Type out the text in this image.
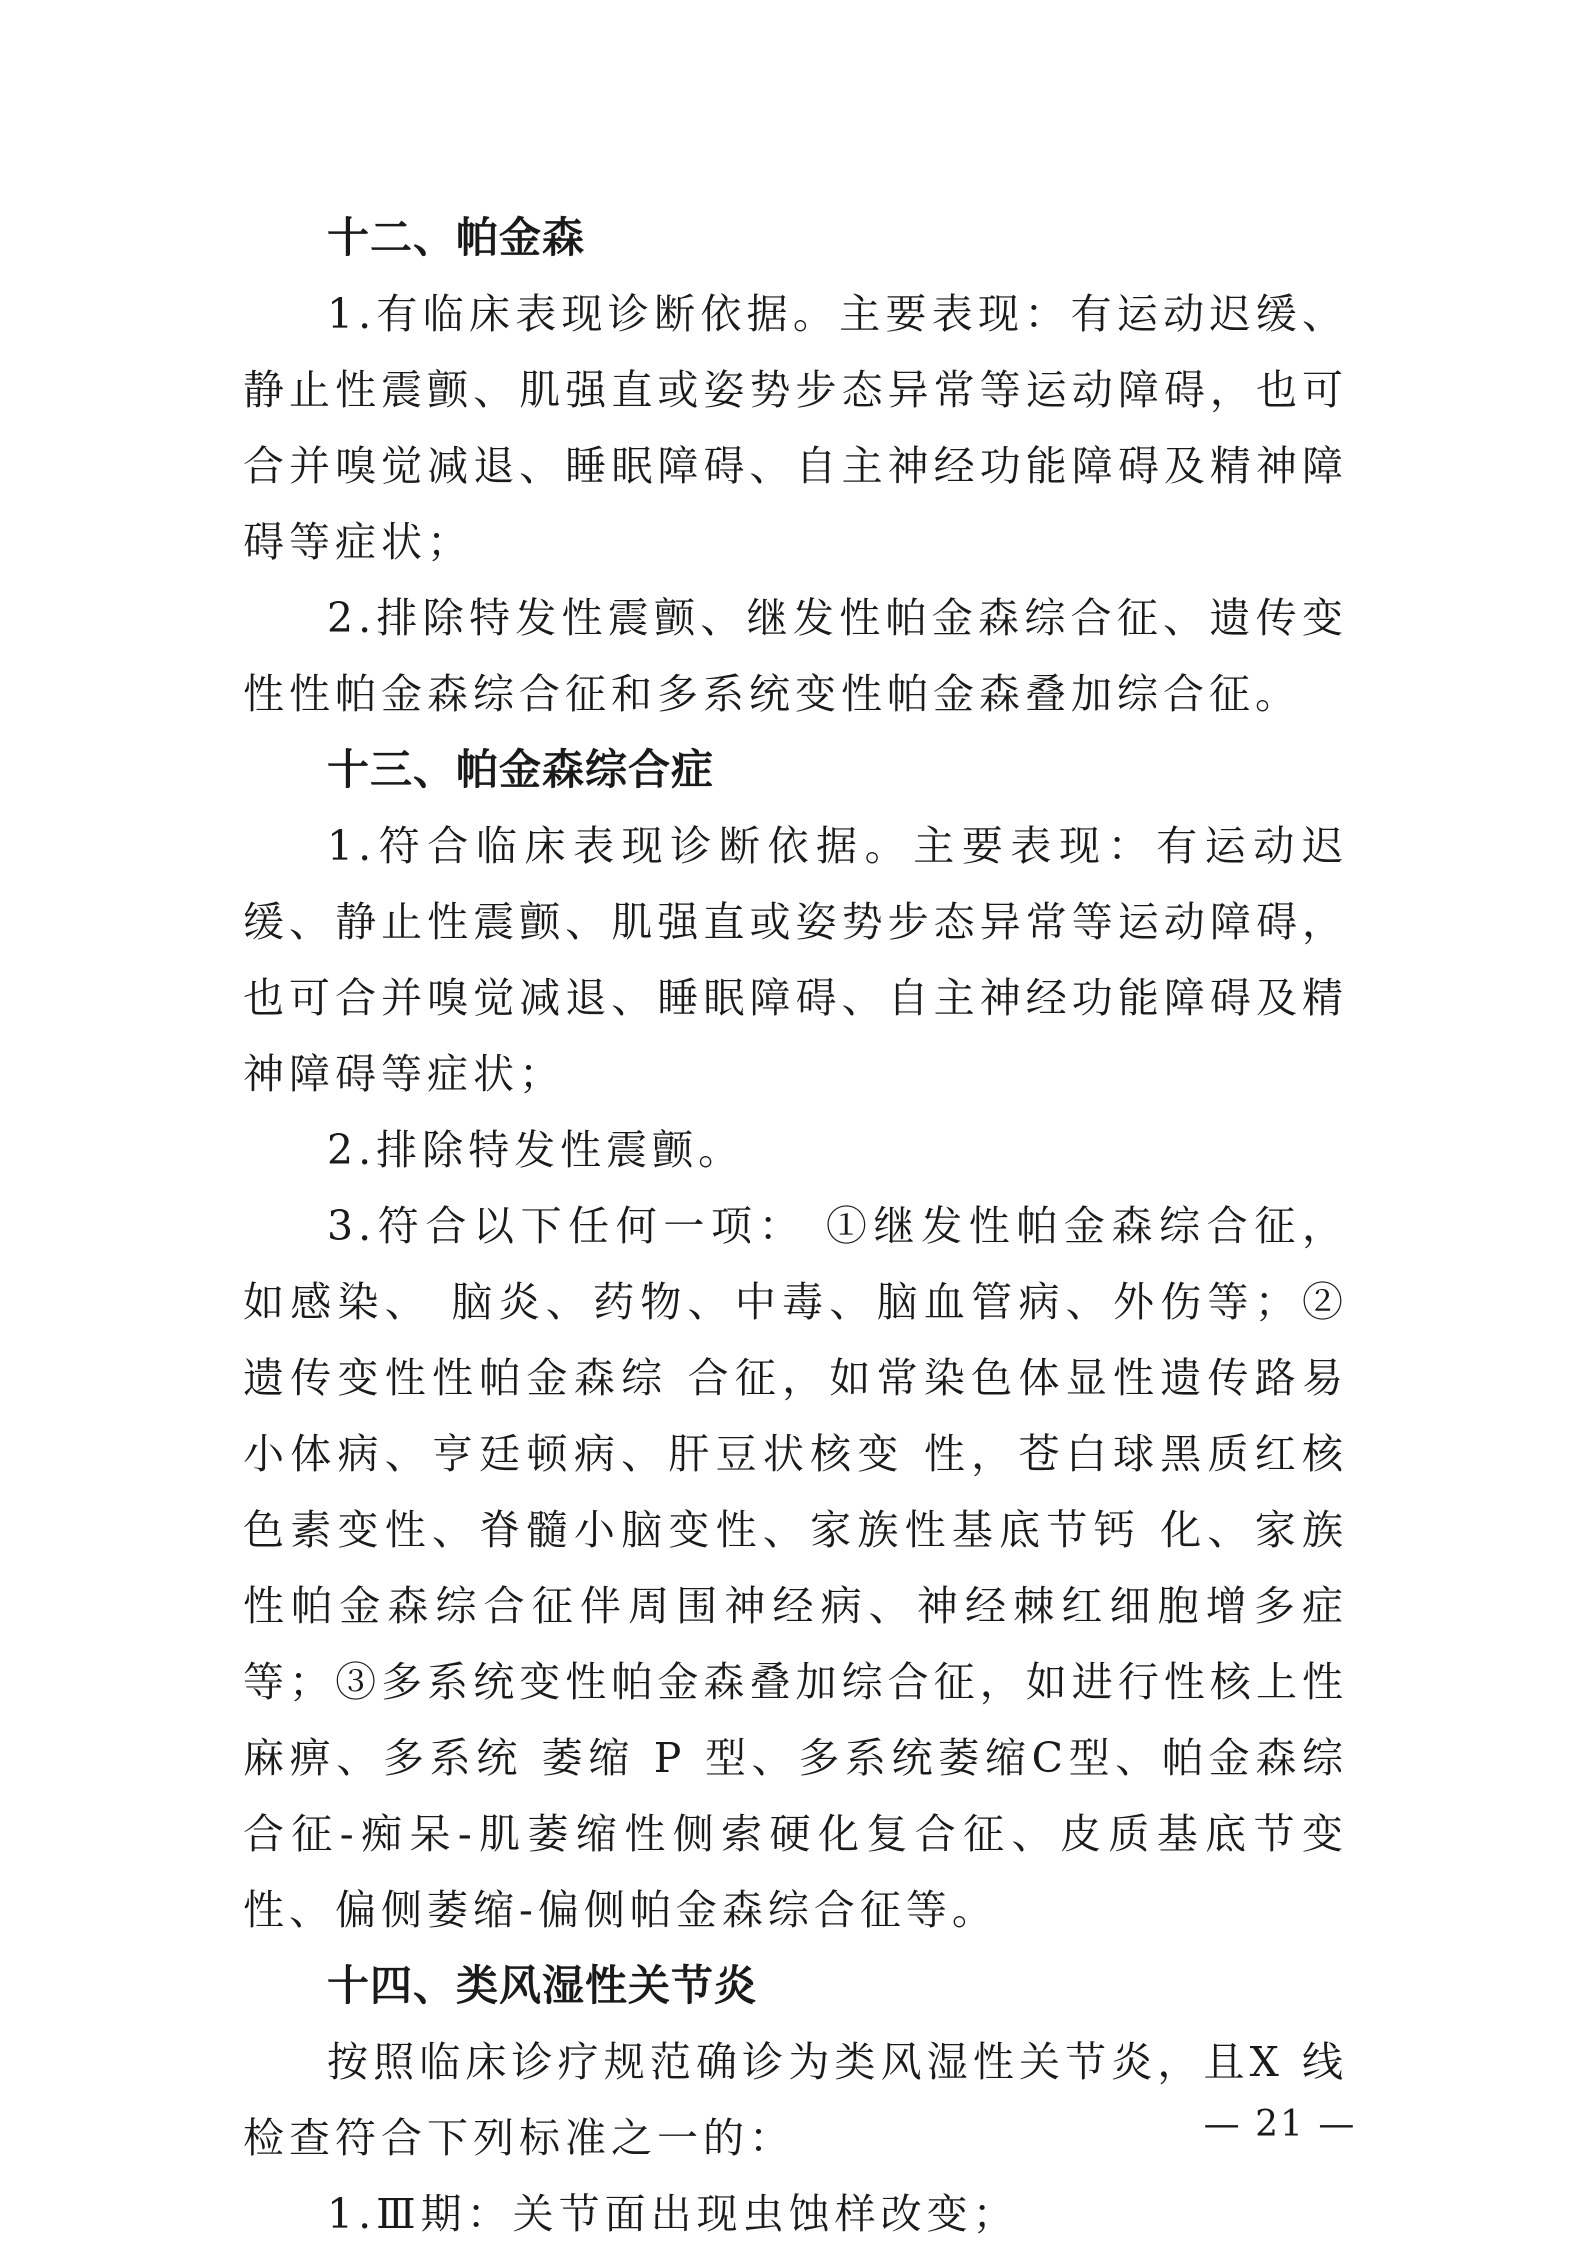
十二、帕金森

1.有临床表现诊断依据。主要表现：有运动迟缓、静止性震颤、肌强直或姿势步态异常等运动障碍，也可合并嗅觉减退、睡眠障碍、自主神经功能障碍及精神障碍等症状；

2.排除特发性震颤、继发性帕金森综合征、遗传变性性帕金森综合征和多系统变性帕金森叠加综合征。

十三、帕金森综合症

1.符合临床表现诊断依据。主要表现：有运动迟缓、静止性震颤、肌强直或姿势步态异常等运动障碍，也可合并嗅觉减退、睡眠障碍、自主神经功能障碍及精神障碍等症状；

2.排除特发性震颤。

3.符合以下任何一项： ①继发性帕金森综合征，如感染、 脑炎、药物、中毒、脑血管病、外伤等；②遗传变性性帕金森综 合征，如常染色体显性遗传路易小体病、亨廷顿病、肝豆状核变 性，苍白球黑质红核色素变性、脊髓小脑变性、家族性基底节钙 化、家族性帕金森综合征伴周围神经病、神经棘红细胞增多症等；③多系统变性帕金森叠加综合征，如进行性核上性麻痹、多系统 萎缩 P 型、多系统萎缩C型、帕金森综合征-痴呆-肌萎缩性侧索硬化复合征、皮质基底节变性、偏侧萎缩-偏侧帕金森综合征等。

十四、类风湿性关节炎

按照临床诊疗规范确诊为类风湿性关节炎，且X 线检查符合下列标准之一的：

1.Ⅲ期：关节面出现虫蚀样改变；

— 21 —
